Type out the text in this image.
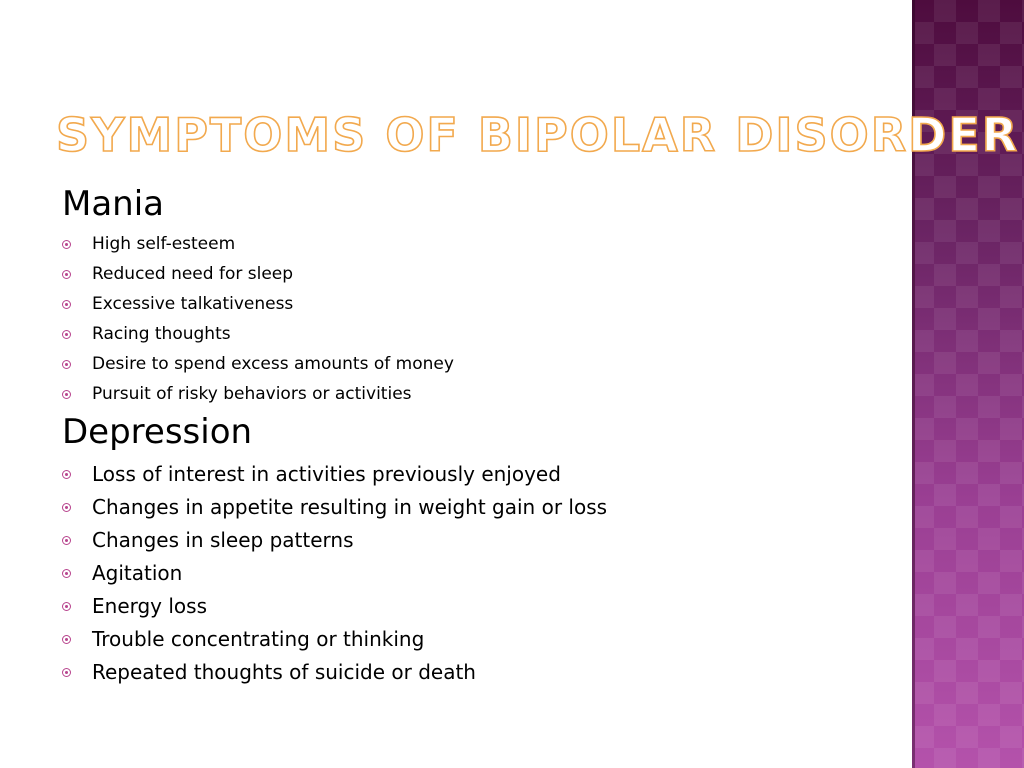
SYMPTOMS OF BIPOLAR DISORDER
Mania
High self-esteem
Reduced need for sleep
Excessive talkativeness
Racing thoughts
Desire to spend excess amounts of money
Pursuit of risky behaviors or activities
Depression
Loss of interest in activities previously enjoyed
Changes in appetite resulting in weight gain or loss
Changes in sleep patterns
Agitation
Energy loss
Trouble concentrating or thinking
Repeated thoughts of suicide or death
